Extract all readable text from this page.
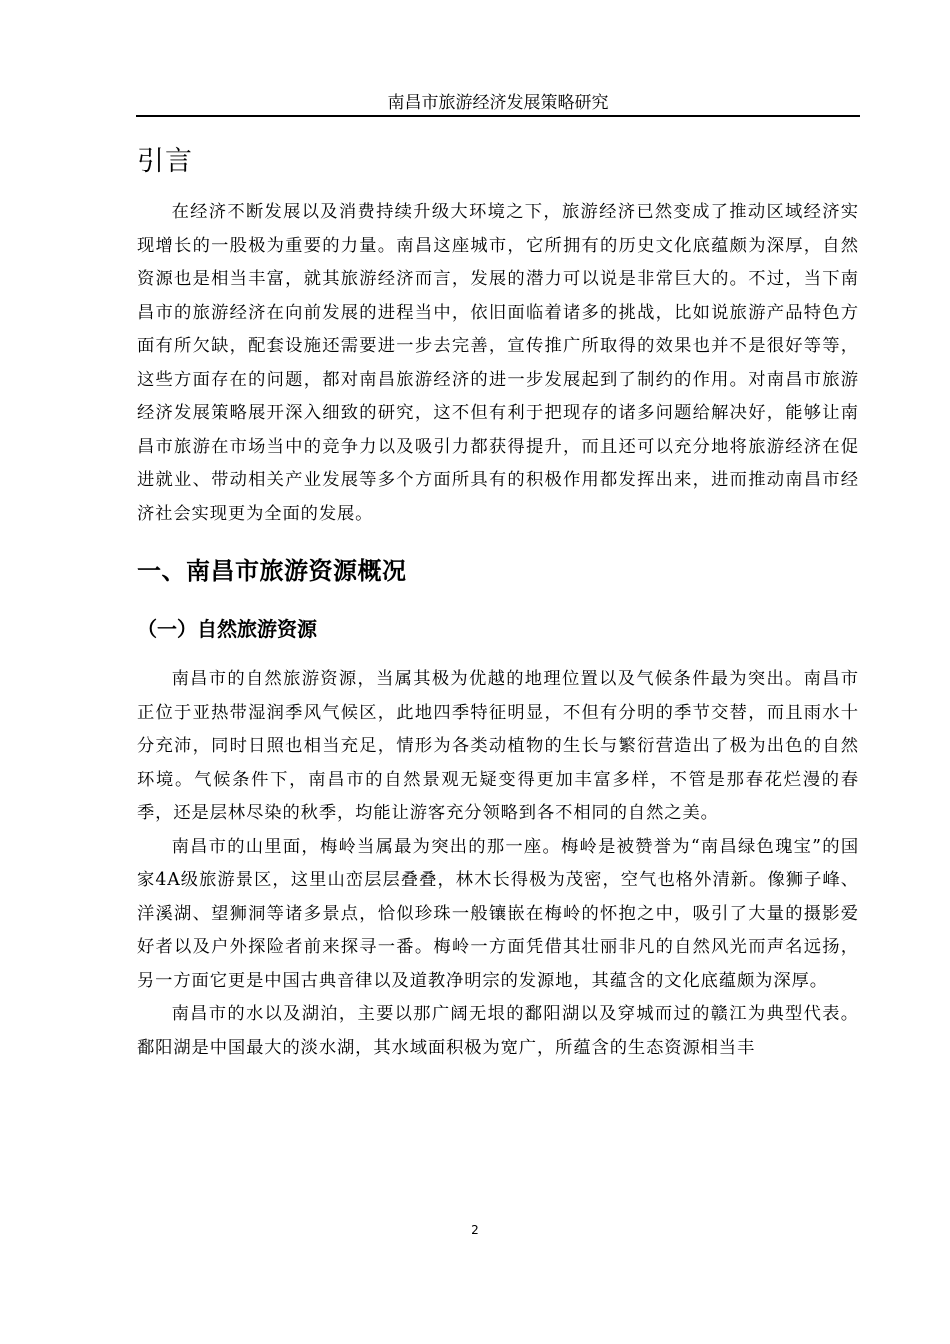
南昌市旅游经济发展策略研究
引言

在经济不断发展以及消费持续升级大环境之下，旅游经济已然变成了推动区域经济实现增长的一股极为重要的力量。南昌这座城市，它所拥有的历史文化底蕴颇为深厚，自然资源也是相当丰富，就其旅游经济而言，发展的潜力可以说是非常巨大的。不过，当下南昌市的旅游经济在向前发展的进程当中，依旧面临着诸多的挑战，比如说旅游产品特色方面有所欠缺，配套设施还需要进一步去完善，宣传推广所取得的效果也并不是很好等等，这些方面存在的问题，都对南昌旅游经济的进一步发展起到了制约的作用。对南昌市旅游经济发展策略展开深入细致的研究，这不但有利于把现存的诸多问题给解决好，能够让南昌市旅游在市场当中的竞争力以及吸引力都获得提升，而且还可以充分地将旅游经济在促进就业、带动相关产业发展等多个方面所具有的积极作用都发挥出来，进而推动南昌市经济社会实现更为全面的发展。

一、南昌市旅游资源概况
（一）自然旅游资源

南昌市的自然旅游资源，当属其极为优越的地理位置以及气候条件最为突出。南昌市正位于亚热带湿润季风气候区，此地四季特征明显，不但有分明的季节交替，而且雨水十分充沛，同时日照也相当充足，情形为各类动植物的生长与繁衍营造出了极为出色的自然环境。气候条件下，南昌市的自然景观无疑变得更加丰富多样，不管是那春花烂漫的春季，还是层林尽染的秋季，均能让游客充分领略到各不相同的自然之美。

南昌市的山里面，梅岭当属最为突出的那一座。梅岭是被赞誉为“南昌绿色瑰宝”的国家4A级旅游景区，这里山峦层层叠叠，林木长得极为茂密，空气也格外清新。像狮子峰、洋溪湖、望狮洞等诸多景点，恰似珍珠一般镶嵌在梅岭的怀抱之中，吸引了大量的摄影爱好者以及户外探险者前来探寻一番。梅岭一方面凭借其壮丽非凡的自然风光而声名远扬，另一方面它更是中国古典音律以及道教净明宗的发源地，其蕴含的文化底蕴颇为深厚。

南昌市的水以及湖泊，主要以那广阔无垠的鄱阳湖以及穿城而过的赣江为典型代表。鄱阳湖是中国最大的淡水湖，其水域面积极为宽广，所蕴含的生态资源相当丰

2
